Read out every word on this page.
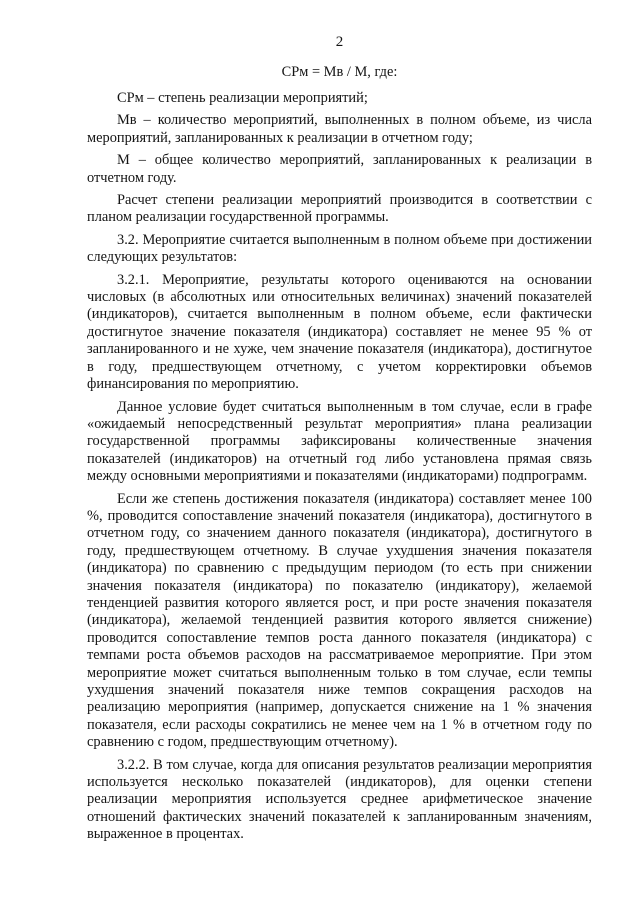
2
СРм = Мв / М, где:

СРм – степень реализации мероприятий;

Мв – количество мероприятий, выполненных в полном объеме, из числа мероприятий, запланированных к реализации в отчетном году;

М – общее количество мероприятий, запланированных к реализации в отчетном году.

Расчет степени реализации мероприятий производится в соответствии с планом реализации государственной программы.

3.2. Мероприятие считается выполненным в полном объеме при достижении следующих результатов:

3.2.1. Мероприятие, результаты которого оцениваются на основании числовых (в абсолютных или относительных величинах) значений показателей (индикаторов), считается выполненным в полном объеме, если фактически достигнутое значение показателя (индикатора) составляет не менее 95 % от запланированного и не хуже, чем значение показателя (индикатора), достигнутое в году, предшествующем отчетному, с учетом корректировки объемов финансирования по мероприятию.

Данное условие будет считаться выполненным в том случае, если в графе «ожидаемый непосредственный результат мероприятия» плана реализации государственной программы зафиксированы количественные значения показателей (индикаторов) на отчетный год либо установлена прямая связь между основными мероприятиями и показателями (индикаторами) подпрограмм.

Если же степень достижения показателя (индикатора) составляет менее 100 %, проводится сопоставление значений показателя (индикатора), достигнутого в отчетном году, со значением данного показателя (индикатора), достигнутого в году, предшествующем отчетному. В случае ухудшения значения показателя (индикатора) по сравнению с предыдущим периодом (то есть при снижении значения показателя (индикатора) по показателю (индикатору), желаемой тенденцией развития которого является рост, и при росте значения показателя (индикатора), желаемой тенденцией развития которого является снижение) проводится сопоставление темпов роста данного показателя (индикатора) с темпами роста объемов расходов на рассматриваемое мероприятие. При этом мероприятие может считаться выполненным только в том случае, если темпы ухудшения значений показателя ниже темпов сокращения расходов на реализацию мероприятия (например, допускается снижение на 1 % значения показателя, если расходы сократились не менее чем на 1 % в отчетном году по сравнению с годом, предшествующим отчетному).

3.2.2. В том случае, когда для описания результатов реализации мероприятия используется несколько показателей (индикаторов), для оценки степени реализации мероприятия используется среднее арифметическое значение отношений фактических значений показателей к запланированным значениям, выраженное в процентах.
